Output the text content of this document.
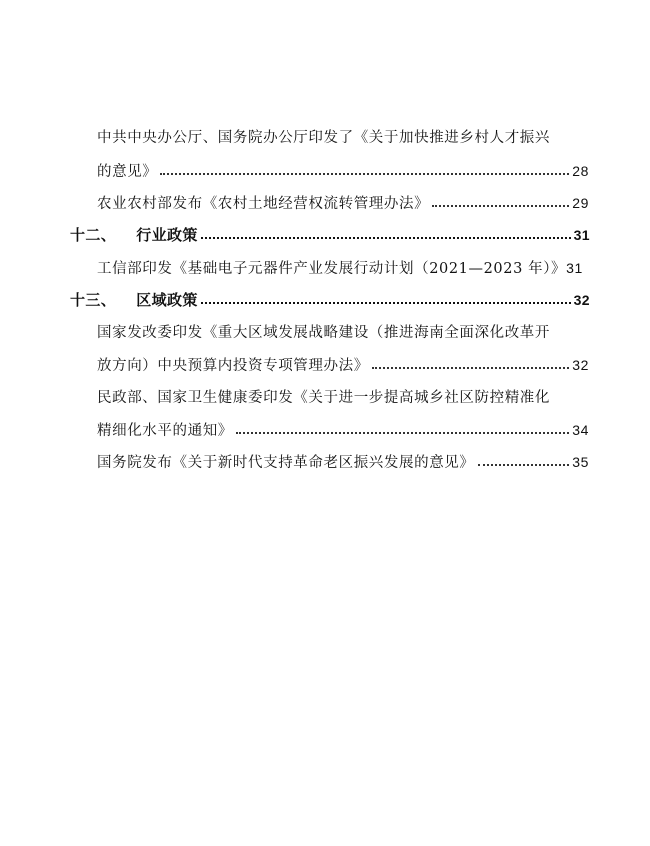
中共中央办公厅、国务院办公厅印发了《关于加快推进乡村人才振兴
的意见》	28
农业农村部发布《农村土地经营权流转管理办法》	29
十二、 行业政策	31
工信部印发《基础电子元器件产业发展行动计划（2021—2023 年）》 31
十三、 区域政策	32
国家发改委印发《重大区域发展战略建设（推进海南全面深化改革开
放方向）中央预算内投资专项管理办法》	32
民政部、国家卫生健康委印发《关于进一步提高城乡社区防控精准化
精细化水平的通知》	34
国务院发布《关于新时代支持革命老区振兴发展的意见》	35
